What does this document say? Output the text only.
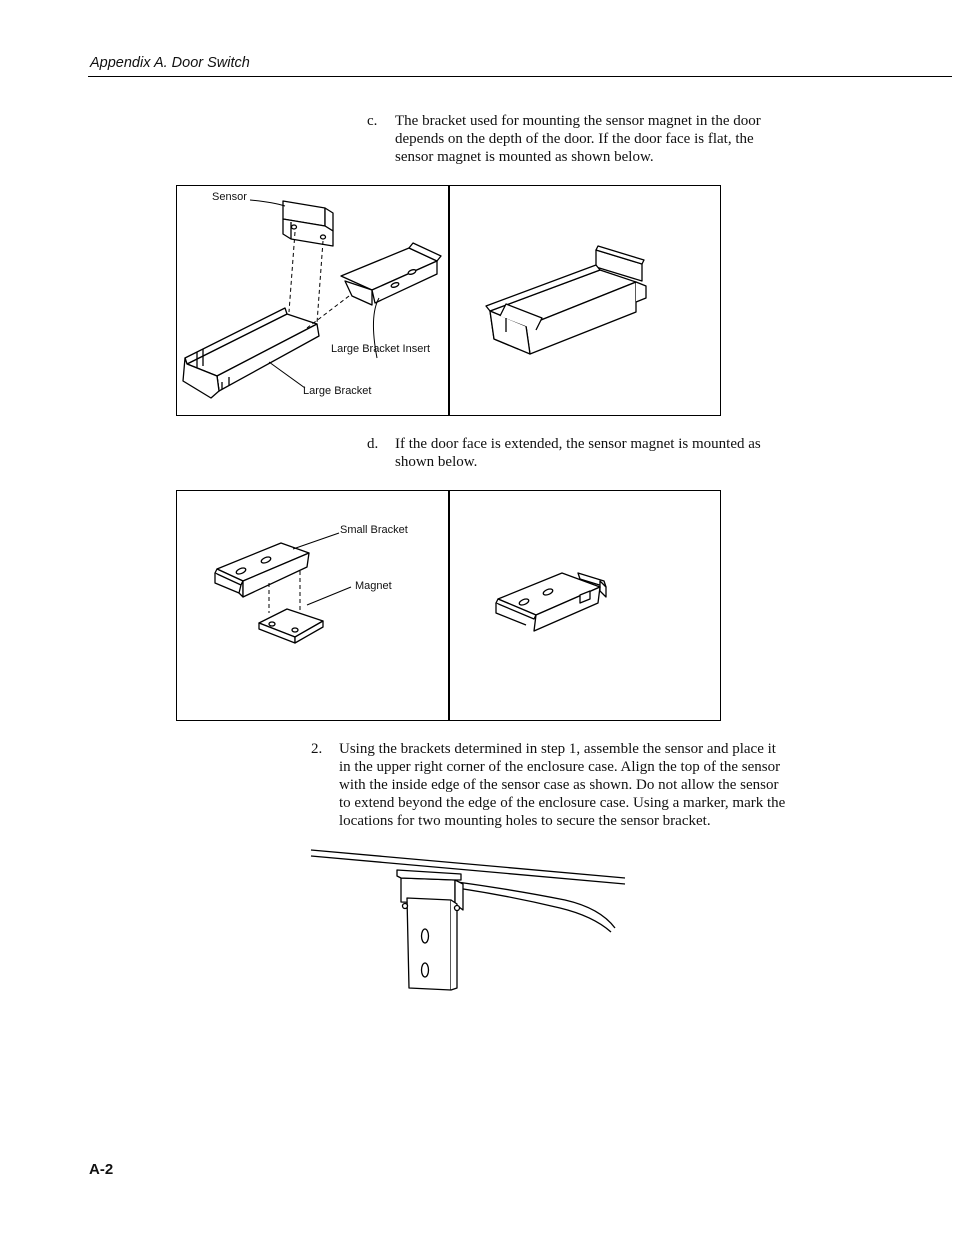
Appendix A. Door Switch
c. The bracket used for mounting the sensor magnet in the door
depends on the depth of the door. If the door face is flat, the
sensor magnet is mounted as shown below.
Sensor
Large Bracket Insert
Large Bracket
d. If the door face is extended, the sensor magnet is mounted as
shown below.
Small Bracket
Magnet
2. Using the brackets determined in step 1, assemble the sensor and place it
in the upper right corner of the enclosure case. Align the top of the sensor
with the inside edge of the sensor case as shown. Do not allow the sensor
to extend beyond the edge of the enclosure case. Using a marker, mark the
locations for two mounting holes to secure the sensor bracket.
A-2
